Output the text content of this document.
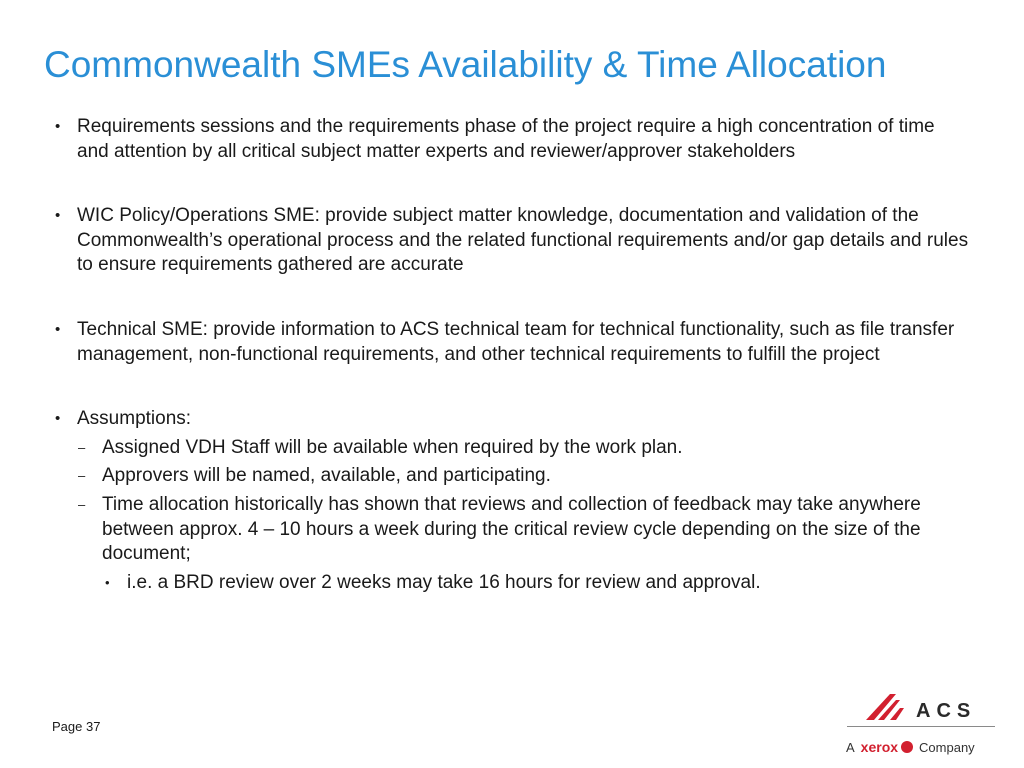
Commonwealth SMEs Availability & Time Allocation
• Requirements sessions and the requirements phase of the project require a high concentration of time and attention by all critical subject matter experts and reviewer/approver stakeholders
• WIC Policy/Operations SME: provide subject matter knowledge, documentation and validation of the Commonwealth’s operational process and the related functional requirements and/or gap details and rules to ensure requirements gathered are accurate
• Technical SME: provide information to ACS technical team for technical functionality, such as file transfer management, non-functional requirements, and other technical requirements to fulfill the project
• Assumptions:
– Assigned VDH Staff will be available when required by the work plan.
– Approvers will be named, available, and participating.
– Time allocation historically has shown that reviews and collection of feedback may take anywhere between approx. 4 – 10 hours a week during the critical review cycle depending on the size of the document;
• i.e. a BRD review over 2 weeks may take 16 hours for review and approval.
Page 37
ACS
A xerox Company
